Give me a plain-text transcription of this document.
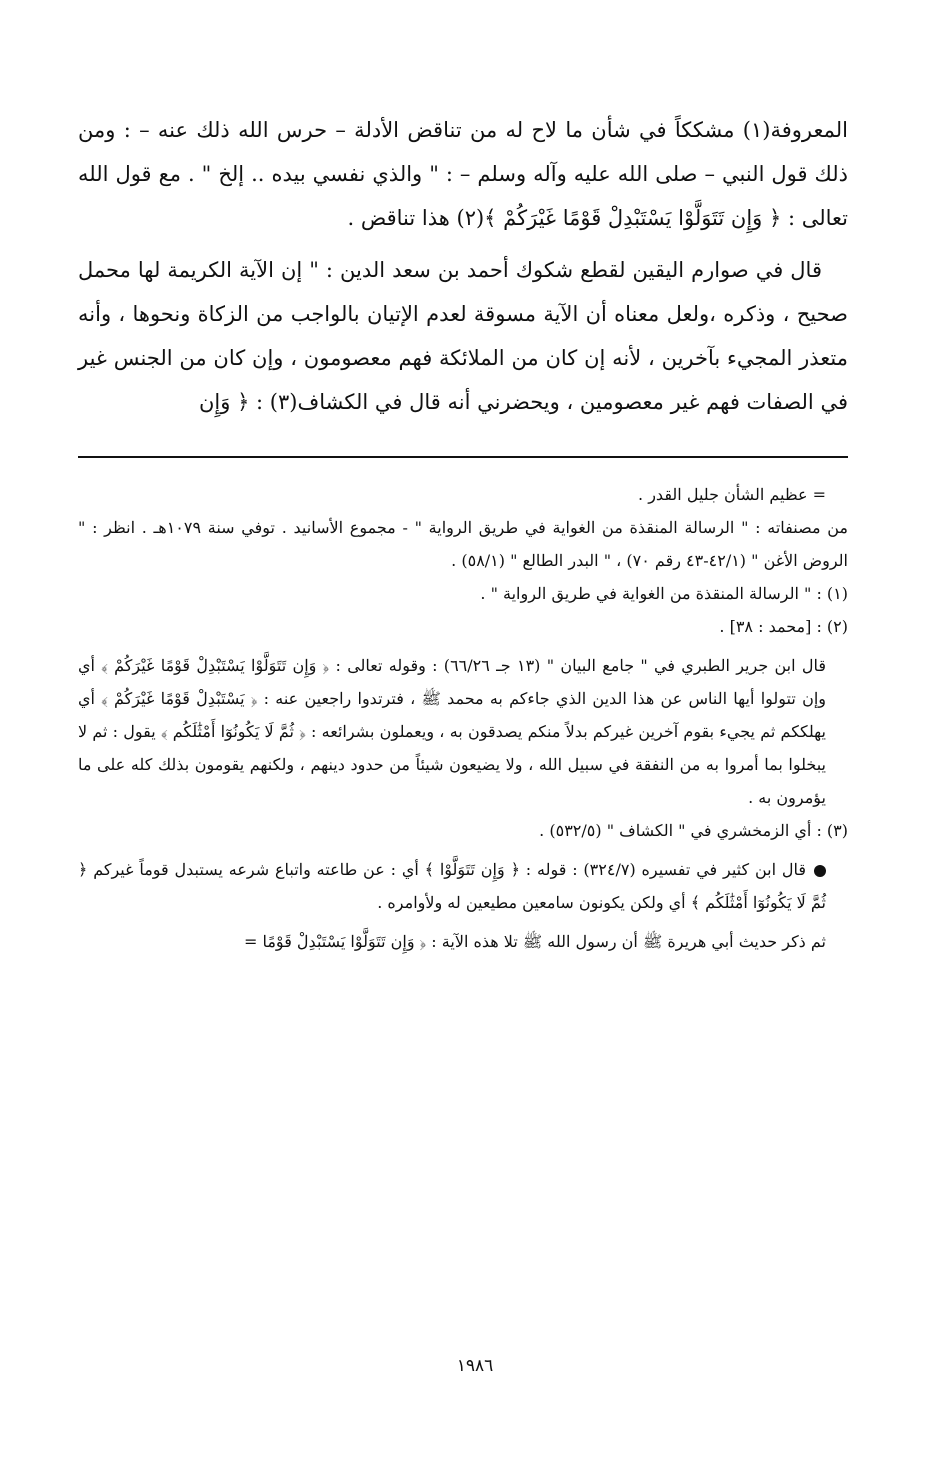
المعروفة(١) مشككاً في شأن ما لاح له من تناقض الأدلة – حرس الله ذلك عنه – : ومن ذلك قول النبي – صلى الله عليه وآله وسلم – : " والذي نفسي بيده .. إلخ " . مع قول الله تعالى : ﴿ وَإِن تَتَوَلَّوْا يَسْتَبْدِلْ قَوْمًا غَيْرَكُمْ ﴾(٢) هذا تناقض .

قال في صوارم اليقين لقطع شكوك أحمد بن سعد الدين : " إن الآية الكريمة لها محمل صحيح ، وذكره ،ولعل معناه أن الآية مسوقة لعدم الإتيان بالواجب من الزكاة ونحوها ، وأنه متعذر المجيء بآخرين ، لأنه إن كان من الملائكة فهم معصومون ، وإن كان من الجنس غير في الصفات فهم غير معصومين ، ويحضرني أنه قال في الكشاف(٣) : ﴿ وَإِن

= عظيم الشأن جليل القدر .

من مصنفاته : " الرسالة المنقذة من الغواية في طريق الرواية " - مجموع الأسانيد . توفي سنة ١٠٧٩هـ . انظر : " الروض الأغن " (٤٢/١-٤٣ رقم ٧٠) ، " البدر الطالع " (٥٨/١) .

(١) : " الرسالة المنقذة من الغواية في طريق الرواية " .

(٢) : [محمد : ٣٨] .

قال ابن جرير الطبري في " جامع البيان " (١٣ جـ ٦٦/٢٦) : وقوله تعالى : ﴿ وَإِن تَتَوَلَّوْا يَسْتَبْدِلْ قَوْمًا غَيْرَكُمْ ﴾ أي وإن تتولوا أيها الناس عن هذا الدين الذي جاءكم به محمد ﷺ ، فترتدوا راجعين عنه : ﴿ يَسْتَبْدِلْ قَوْمًا غَيْرَكُمْ ﴾ أي يهلككم ثم يجيء بقوم آخرين غيركم بدلاً منكم يصدقون به ، ويعملون بشرائعه : ﴿ ثُمَّ لَا يَكُونُوٓا أَمْثَٰلَكُم ﴾ يقول : ثم لا يبخلوا بما أمروا به من النفقة في سبيل الله ، ولا يضيعون شيئاً من حدود دينهم ، ولكنهم يقومون بذلك كله على ما يؤمرون به .

(٣) : أي الزمخشري في " الكشاف " (٥٣٢/٥) .

قال ابن كثير في تفسيره (٣٢٤/٧) : قوله : ﴿ وَإِن تَتَوَلَّوْا ﴾ أي : عن طاعته واتباع شرعه يستبدل قوماً غيركم ﴿ ثُمَّ لَا يَكُونُوٓا أَمْثَٰلَكُم ﴾ أي ولكن يكونون سامعين مطيعين له ولأوامره .

ثم ذكر حديث أبي هريرة ﷺ أن رسول الله ﷺ تلا هذه الآية : ﴿ وَإِن تَتَوَلَّوْا يَسْتَبْدِلْ قَوْمًا =

١٩٨٦
